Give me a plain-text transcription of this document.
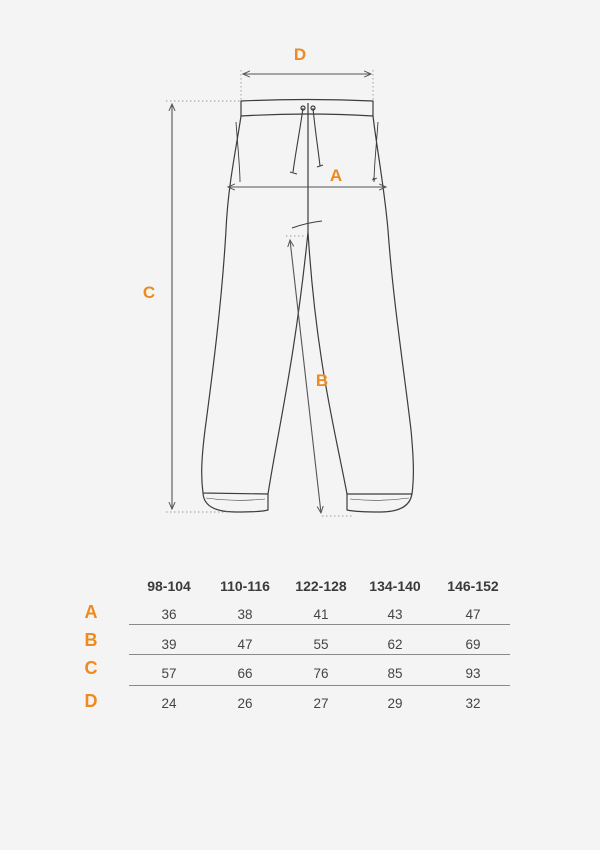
D
A
C
B
98-104	110-116	122-128	134-140	146-152
A	36	38	41	43	47
B	39	47	55	62	69
C	57	66	76	85	93
D	24	26	27	29	32
